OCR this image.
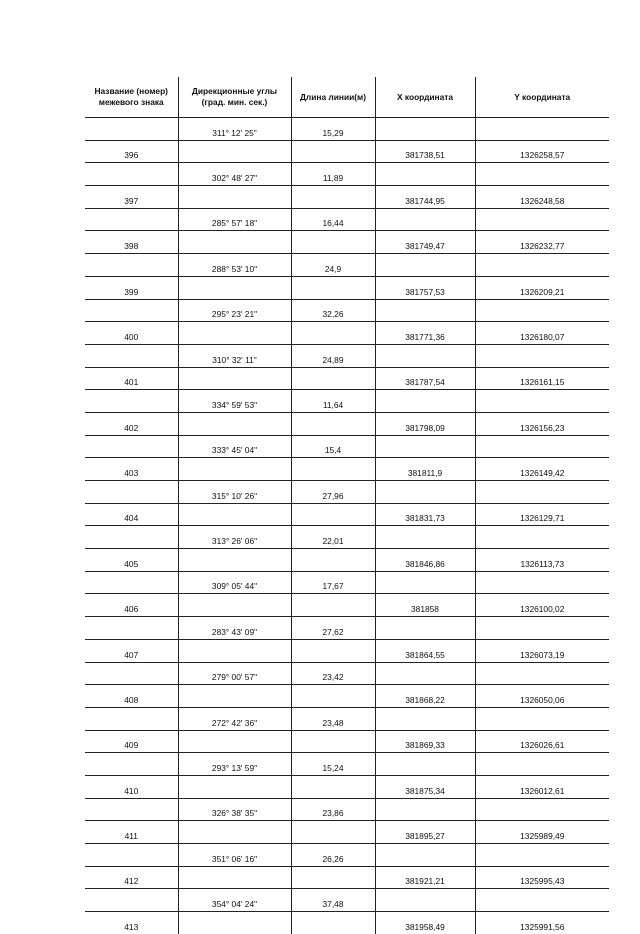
Название (номер) межевого знака	Дирекционные углы (град. мин. сек.)	Длина линии(м)	X координата	Y координата
	311° 12' 25"	15,29		
396			381738,51	1326258,57
	302° 48' 27"	11,89		
397			381744,95	1326248,58
	285° 57' 18"	16,44		
398			381749,47	1326232,77
	288° 53' 10"	24,9		
399			381757,53	1326209,21
	295° 23' 21"	32,26		
400			381771,36	1326180,07
	310° 32' 11"	24,89		
401			381787,54	1326161,15
	334° 59' 53"	11,64		
402			381798,09	1326156,23
	333° 45' 04"	15,4		
403			381811,9	1326149,42
	315° 10' 26"	27,96		
404			381831,73	1326129,71
	313° 26' 06"	22,01		
405			381846,86	1326113,73
	309° 05' 44"	17,67		
406			381858	1326100,02
	283° 43' 09"	27,62		
407			381864,55	1326073,19
	279° 00' 57"	23,42		
408			381868,22	1326050,06
	272° 42' 36"	23,48		
409			381869,33	1326026,61
	293° 13' 59"	15,24		
410			381875,34	1326012,61
	326° 38' 35"	23,86		
411			381895,27	1325989,49
	351° 06' 16"	26,26		
412			381921,21	1325995,43
	354° 04' 24"	37,48		
413			381958,49	1325991,56
